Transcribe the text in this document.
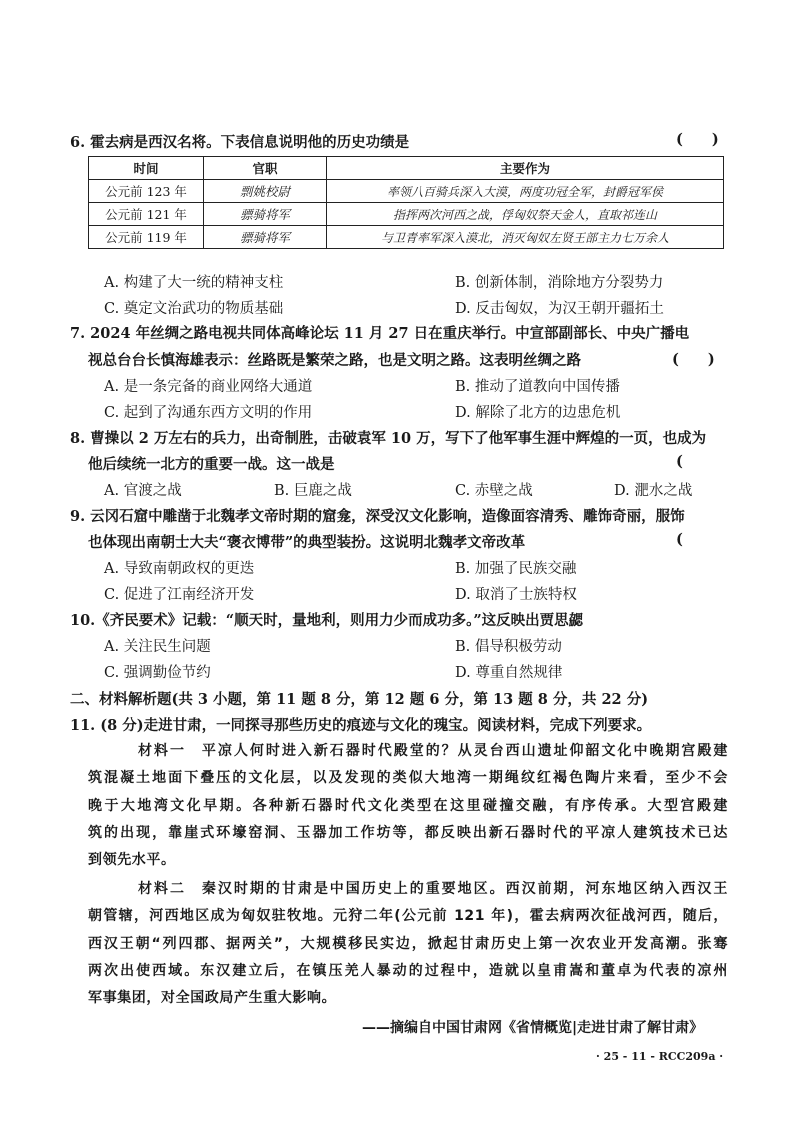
6. 霍去病是西汉名将。下表信息说明他的历史功绩是	(　　)
时间	官职	主要作为
公元前 123 年	剽姚校尉	率领八百骑兵深入大漠，两度功冠全军，封爵冠军侯
公元前 121 年	骠骑将军	指挥两次河西之战，俘匈奴祭天金人，直取祁连山
公元前 119 年	骠骑将军	与卫青率军深入漠北，消灭匈奴左贤王部主力七万余人
A. 构建了大一统的精神支柱	B. 创新体制，消除地方分裂势力
C. 奠定文治武功的物质基础	D. 反击匈奴，为汉王朝开疆拓土
7. 2024 年丝绸之路电视共同体高峰论坛 11 月 27 日在重庆举行。中宣部副部长、中央广播电
视总台台长慎海雄表示：丝路既是繁荣之路，也是文明之路。这表明丝绸之路	(　　)
A. 是一条完备的商业网络大通道	B. 推动了道教向中国传播
C. 起到了沟通东西方文明的作用	D. 解除了北方的边患危机
8. 曹操以 2 万左右的兵力，出奇制胜，击破袁军 10 万，写下了他军事生涯中辉煌的一页，也成为
他后续统一北方的重要一战。这一战是	(
A. 官渡之战	B. 巨鹿之战	C. 赤壁之战	D. 淝水之战
9. 云冈石窟中雕凿于北魏孝文帝时期的窟龛，深受汉文化影响，造像面容清秀、雕饰奇丽，服饰
也体现出南朝士大夫“褒衣博带”的典型装扮。这说明北魏孝文帝改革	(
A. 导致南朝政权的更迭	B. 加强了民族交融
C. 促进了江南经济开发	D. 取消了士族特权
10.《齐民要术》记载：“顺天时，量地利，则用力少而成功多。”这反映出贾思勰
A. 关注民生问题	B. 倡导积极劳动
C. 强调勤俭节约	D. 尊重自然规律
二、材料解析题(共 3 小题，第 11 题 8 分，第 12 题 6 分，第 13 题 8 分，共 22 分)
11. (8 分)走进甘肃，一同探寻那些历史的痕迹与文化的瑰宝。阅读材料，完成下列要求。
材料一　平凉人何时进入新石器时代殿堂的？从灵台西山遗址仰韶文化中晚期宫殿建
筑混凝土地面下叠压的文化层，以及发现的类似大地湾一期绳纹红褐色陶片来看，至少不会
晚于大地湾文化早期。各种新石器时代文化类型在这里碰撞交融，有序传承。大型宫殿建
筑的出现，靠崖式环壕窑洞、玉器加工作坊等，都反映出新石器时代的平凉人建筑技术已达
到领先水平。
材料二　秦汉时期的甘肃是中国历史上的重要地区。西汉前期，河东地区纳入西汉王
朝管辖，河西地区成为匈奴驻牧地。元狩二年(公元前 121 年)，霍去病两次征战河西，随后，
西汉王朝“列四郡、据两关”，大规模移民实边，掀起甘肃历史上第一次农业开发高潮。张骞
两次出使西域。东汉建立后，在镇压羌人暴动的过程中，造就以皇甫嵩和董卓为代表的凉州
军事集团，对全国政局产生重大影响。
——摘编自中国甘肃网《省情概览|走进甘肃了解甘肃》
· 25 - 11 - RCC209a ·
